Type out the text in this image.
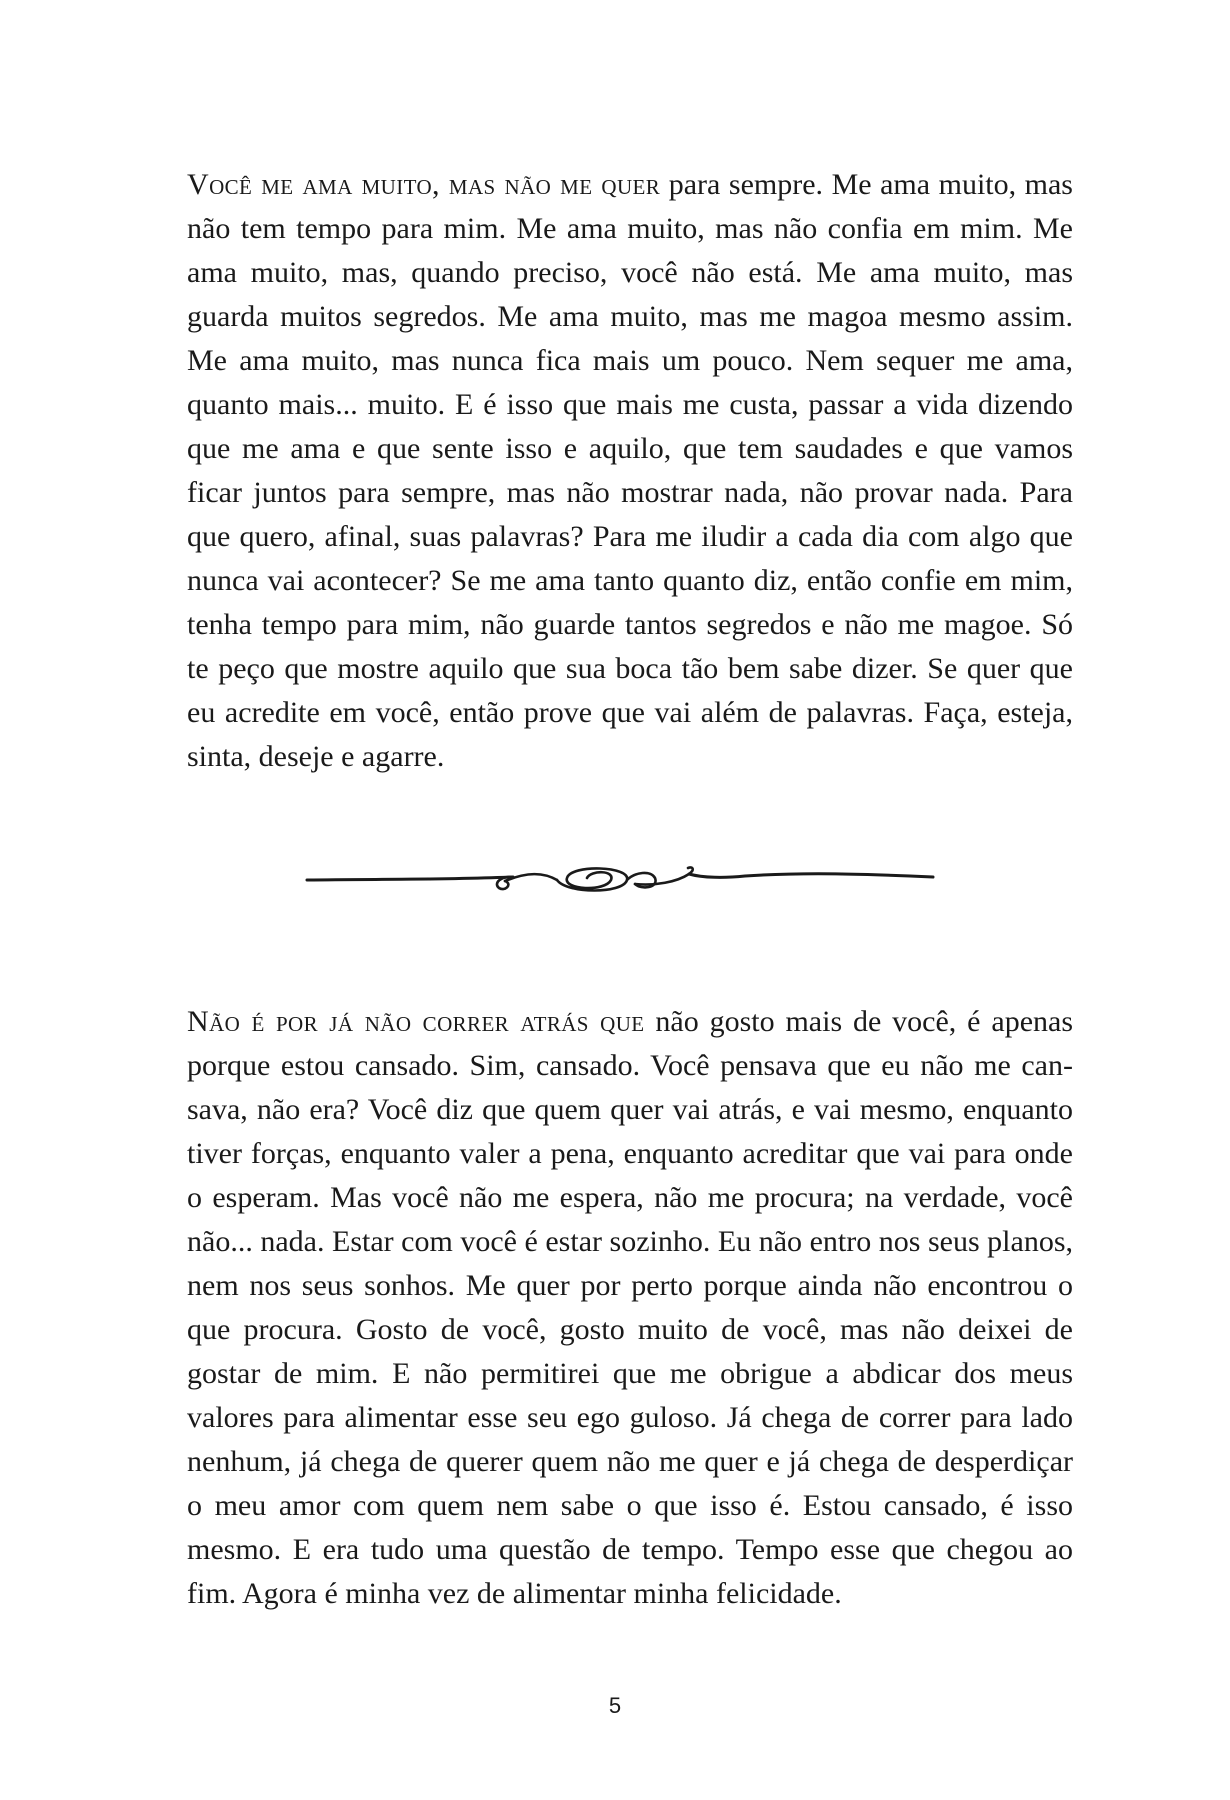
Você me ama muito, mas não me quer para sempre. Me ama muito, mas não tem tempo para mim. Me ama muito, mas não confia em mim. Me ama muito, mas, quando preciso, você não está. Me ama muito, mas guarda muitos segredos. Me ama muito, mas me magoa mesmo assim. Me ama muito, mas nunca fica mais um pouco. Nem sequer me ama, quanto mais... muito. E é isso que mais me custa, passar a vida dizendo que me ama e que sente isso e aquilo, que tem saudades e que vamos ficar juntos para sempre, mas não mostrar nada, não provar nada. Para que quero, afinal, suas palavras? Para me iludir a cada dia com algo que nunca vai acontecer? Se me ama tanto quanto diz, então confie em mim, tenha tempo para mim, não guarde tantos segredos e não me magoe. Só te peço que mostre aquilo que sua boca tão bem sabe dizer. Se quer que eu acredite em você, então prove que vai além de palavras. Faça, esteja, sinta, deseje e agarre.

Não é por já não correr atrás que não gosto mais de você, é apenas porque estou cansado. Sim, cansado. Você pensava que eu não me cansava, não era? Você diz que quem quer vai atrás, e vai mesmo, enquanto tiver forças, enquanto valer a pena, enquanto acreditar que vai para onde o esperam. Mas você não me espera, não me procura; na verdade, você não... nada. Estar com você é estar sozinho. Eu não entro nos seus planos, nem nos seus sonhos. Me quer por perto porque ainda não encontrou o que procura. Gosto de você, gosto muito de você, mas não deixei de gostar de mim. E não permitirei que me obrigue a abdicar dos meus valores para alimentar esse seu ego guloso. Já chega de correr para lado nenhum, já chega de querer quem não me quer e já chega de desperdiçar o meu amor com quem nem sabe o que isso é. Estou cansado, é isso mesmo. E era tudo uma questão de tempo. Tempo esse que chegou ao fim. Agora é minha vez de alimentar minha felicidade.

5
